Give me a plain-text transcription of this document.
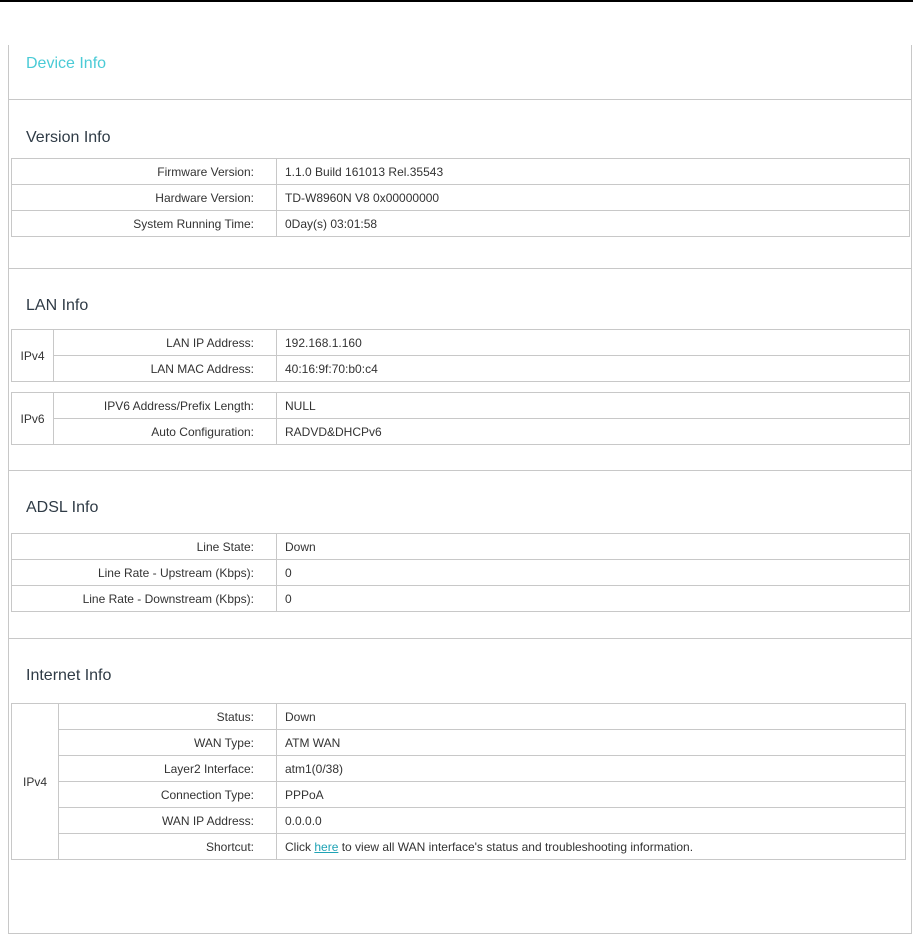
Device Info
Version Info
Firmware Version:	1.1.0 Build 161013 Rel.35543
Hardware Version:	TD-W8960N V8 0x00000000
System Running Time:	0Day(s) 03:01:58
LAN Info
IPv4	LAN IP Address:	192.168.1.160
	LAN MAC Address:	40:16:9f:70:b0:c4
IPv6	IPV6 Address/Prefix Length:	NULL
	Auto Configuration:	RADVD&DHCPv6
ADSL Info
Line State:	Down
Line Rate - Upstream (Kbps):	0
Line Rate - Downstream (Kbps):	0
Internet Info
IPv4	Status:	Down
	WAN Type:	ATM WAN
	Layer2 Interface:	atm1(0/38)
	Connection Type:	PPPoA
	WAN IP Address:	0.0.0.0
	Shortcut:	Click here to view all WAN interface's status and troubleshooting information.
